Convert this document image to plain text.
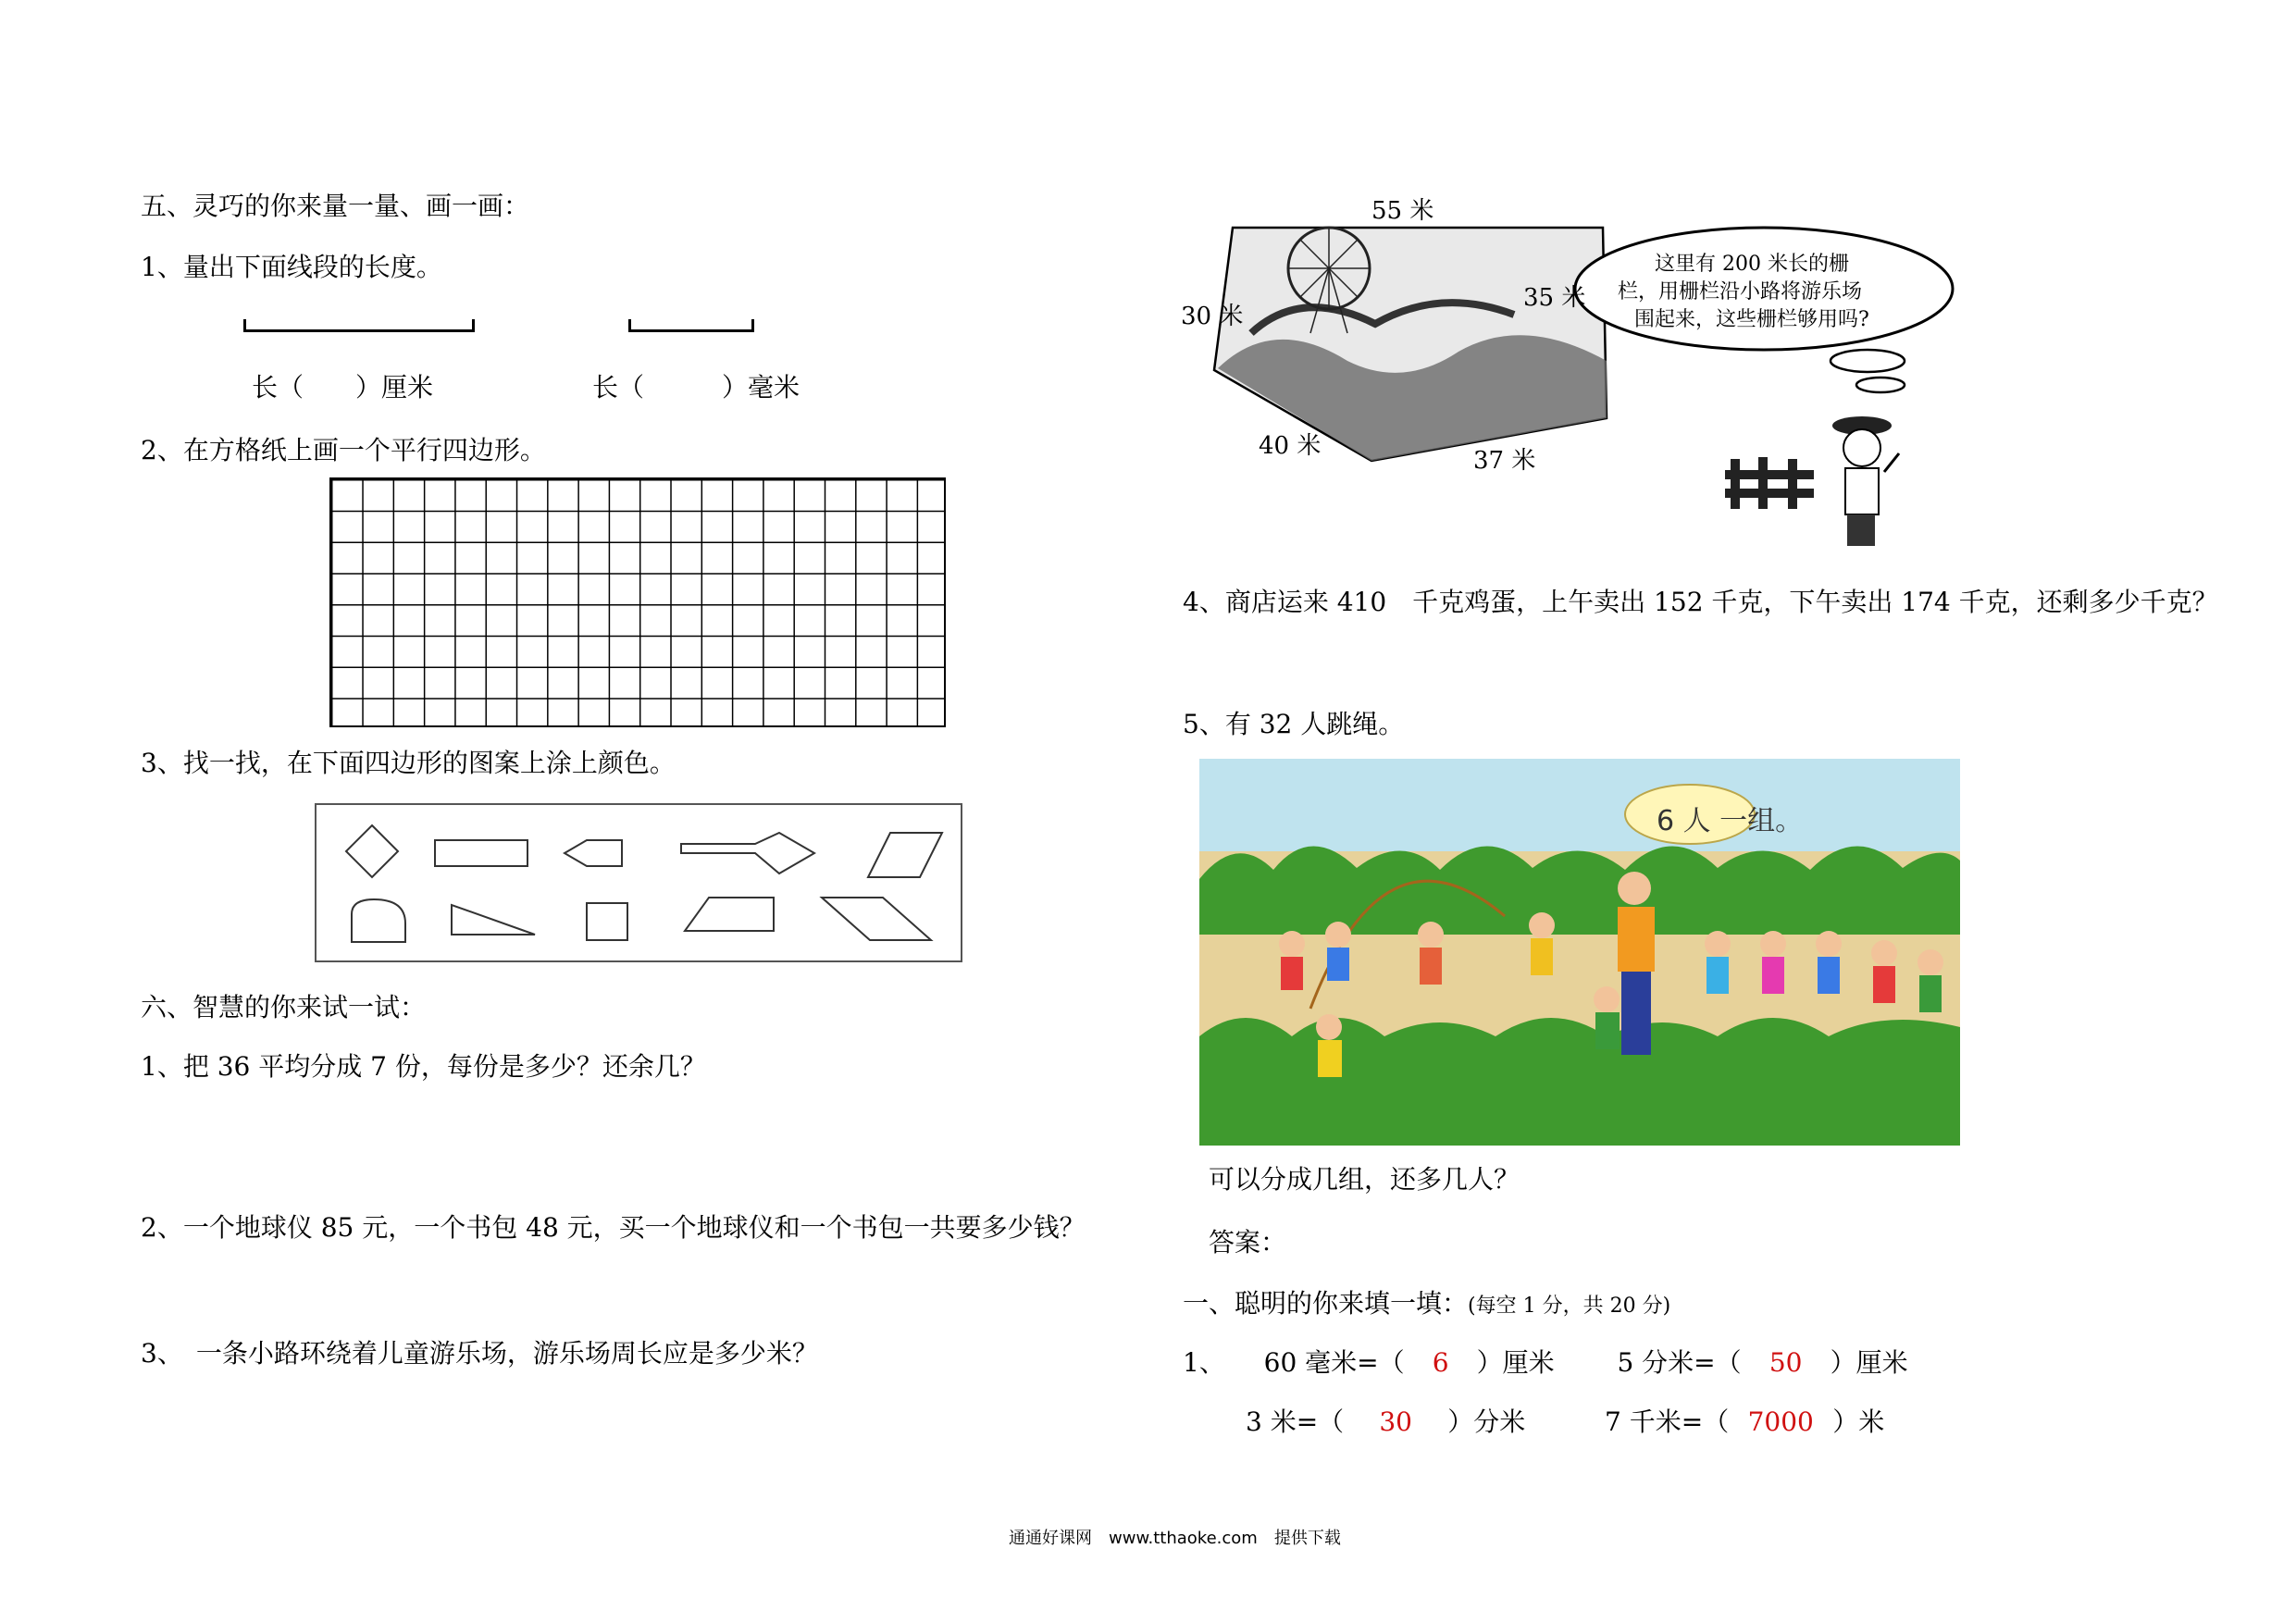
五、灵巧的你来量一量、画一画：
1、量出下面线段的长度。
长（　　）厘米	长（　　　）毫米
2、在方格纸上画一个平行四边形。
3、找一找，在下面四边形的图案上涂上颜色。
六、智慧的你来试一试：
1、把 36 平均分成 7 份，每份是多少？还余几？
2、一个地球仪 85 元，一个书包 48 元，买一个地球仪和一个书包一共要多少钱？
3、　一条小路环绕着儿童游乐场，游乐场周长应是多少米？
55 米
30 米
35 米
40 米
37 米
这里有 200 米长的栅
栏，用栅栏沿小路将游乐场
围起来，这些栅栏够用吗?
4、商店运来 410　千克鸡蛋，上午卖出 152 千克，下午卖出 174 千克，还剩多少千克？
5、有 32 人跳绳。
6 人 一组。
可以分成几组，还多几人？
答案：
一、聪明的你来填一填：(每空 1 分，共 20 分)
1、 60 毫米=（ 6 ）厘米 5 分米=（ 50 ）厘米
3 米=（ 30 ）分米	7 千米=（ 7000 ）米
通通好课网　www.tthaoke.com　提供下载
